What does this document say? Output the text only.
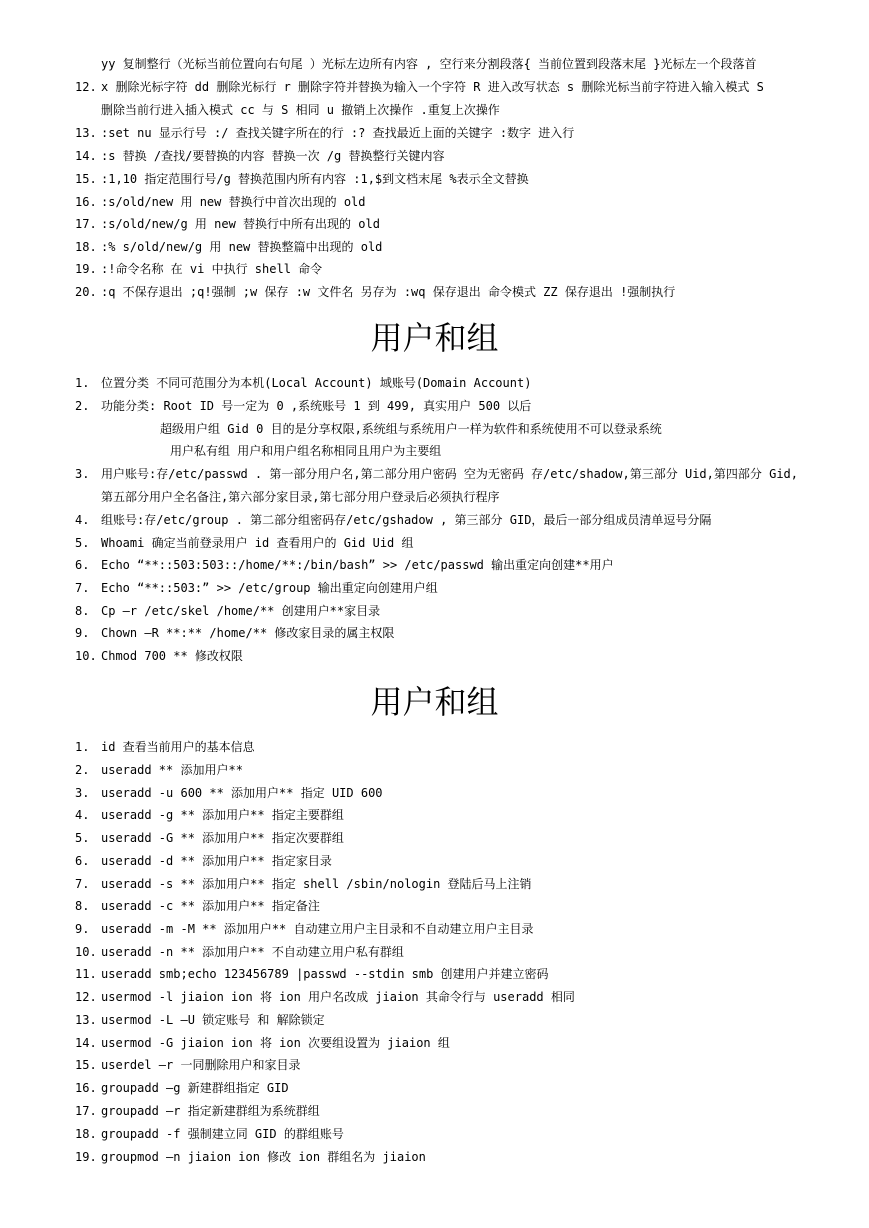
yy 复制整行（光标当前位置向右句尾 ）光标左边所有内容 , 空行来分割段落{ 当前位置到段落末尾 }光标左一个段落首
12. x 删除光标字符 dd 删除光标行 r 删除字符并替换为输入一个字符 R 进入改写状态 s 删除光标当前字符进入输入模式 S
删除当前行进入插入模式 cc 与 S 相同 u 撤销上次操作 .重复上次操作
13. :set nu 显示行号 :/ 查找关键字所在的行 :? 查找最近上面的关键字 :数字 进入行
14. :s 替换 /查找/要替换的内容 替换一次 /g 替换整行关键内容
15. :1,10 指定范围行号/g 替换范围内所有内容 :1,$到文档末尾 %表示全文替换
16. :s/old/new 用 new 替换行中首次出现的 old
17. :s/old/new/g 用 new 替换行中所有出现的 old
18. :% s/old/new/g 用 new 替换整篇中出现的 old
19. :!命令名称 在 vi 中执行 shell 命令
20. :q 不保存退出 ;q!强制 ;w 保存 :w 文件名 另存为 :wq 保存退出 命令模式 ZZ 保存退出 !强制执行
用户和组
1. 位置分类 不同可范围分为本机(Local Account) 域账号(Domain Account)
2. 功能分类: Root ID 号一定为 0 ,系统账号 1 到 499, 真实用户 500 以后
超级用户组 Gid 0 目的是分享权限,系统组与系统用户一样为软件和系统使用不可以登录系统
用户私有组 用户和用户组名称相同且用户为主要组
3. 用户账号:存/etc/passwd . 第一部分用户名,第二部分用户密码 空为无密码 存/etc/shadow,第三部分 Uid,第四部分 Gid,
第五部分用户全名备注,第六部分家目录,第七部分用户登录后必须执行程序
4. 组账号:存/etc/group . 第二部分组密码存/etc/gshadow , 第三部分 GID，最后一部分组成员清单逗号分隔
5. Whoami 确定当前登录用户 id 查看用户的 Gid Uid 组
6. Echo “**::503:503::/home/**:/bin/bash” >> /etc/passwd 输出重定向创建**用户
7. Echo “**::503:” >> /etc/group 输出重定向创建用户组
8. Cp –r /etc/skel /home/** 创建用户**家目录
9. Chown –R **:** /home/** 修改家目录的属主权限
10. Chmod 700 ** 修改权限
用户和组
1. id 查看当前用户的基本信息
2. useradd ** 添加用户**
3. useradd -u 600 ** 添加用户** 指定 UID 600
4. useradd -g ** 添加用户** 指定主要群组
5. useradd -G ** 添加用户** 指定次要群组
6. useradd -d ** 添加用户** 指定家目录
7. useradd -s ** 添加用户** 指定 shell /sbin/nologin 登陆后马上注销
8. useradd -c ** 添加用户** 指定备注
9. useradd -m -M ** 添加用户** 自动建立用户主目录和不自动建立用户主目录
10. useradd -n ** 添加用户** 不自动建立用户私有群组
11. useradd smb;echo 123456789 |passwd --stdin smb 创建用户并建立密码
12. usermod -l jiaion ion 将 ion 用户名改成 jiaion 其命令行与 useradd 相同
13. usermod -L –U 锁定账号 和 解除锁定
14. usermod -G jiaion ion 将 ion 次要组设置为 jiaion 组
15. userdel –r 一同删除用户和家目录
16. groupadd –g 新建群组指定 GID
17. groupadd –r 指定新建群组为系统群组
18. groupadd -f 强制建立同 GID 的群组账号
19. groupmod –n jiaion ion 修改 ion 群组名为 jiaion
